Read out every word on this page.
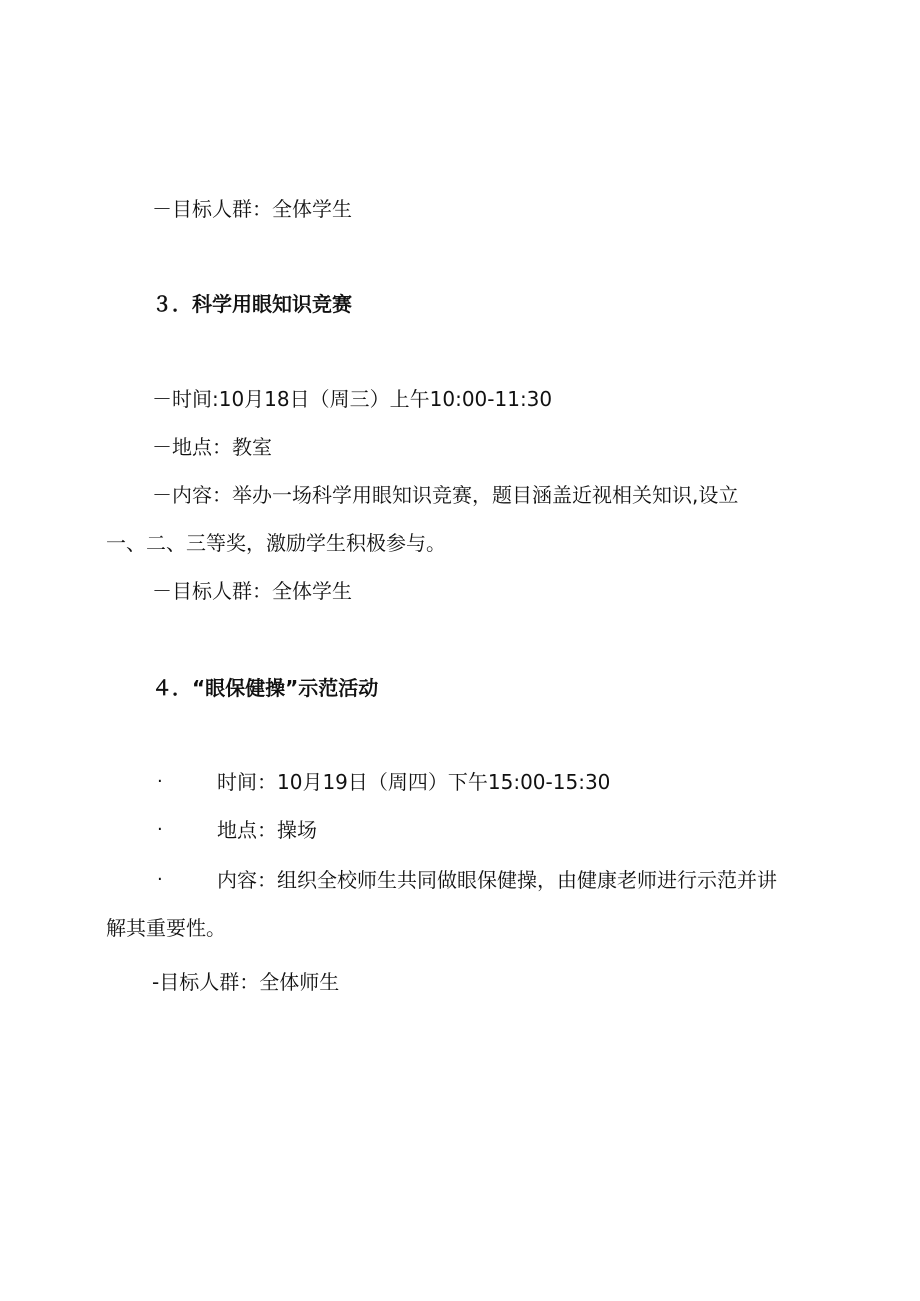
－目标人群：全体学生
３．科学用眼知识竞赛
－时间:10月18日（周三）上午10:00-11:30
－地点：教室
－内容：举办一场科学用眼知识竞赛，题目涵盖近视相关知识,设立
一、二、三等奖，激励学生积极参与。
－目标人群：全体学生
４．“眼保健操”示范活动
·	时间：10月19日（周四）下午15:00-15:30
·	地点：操场
·	内容：组织全校师生共同做眼保健操，由健康老师进行示范并讲
解其重要性。
-目标人群：全体师生
